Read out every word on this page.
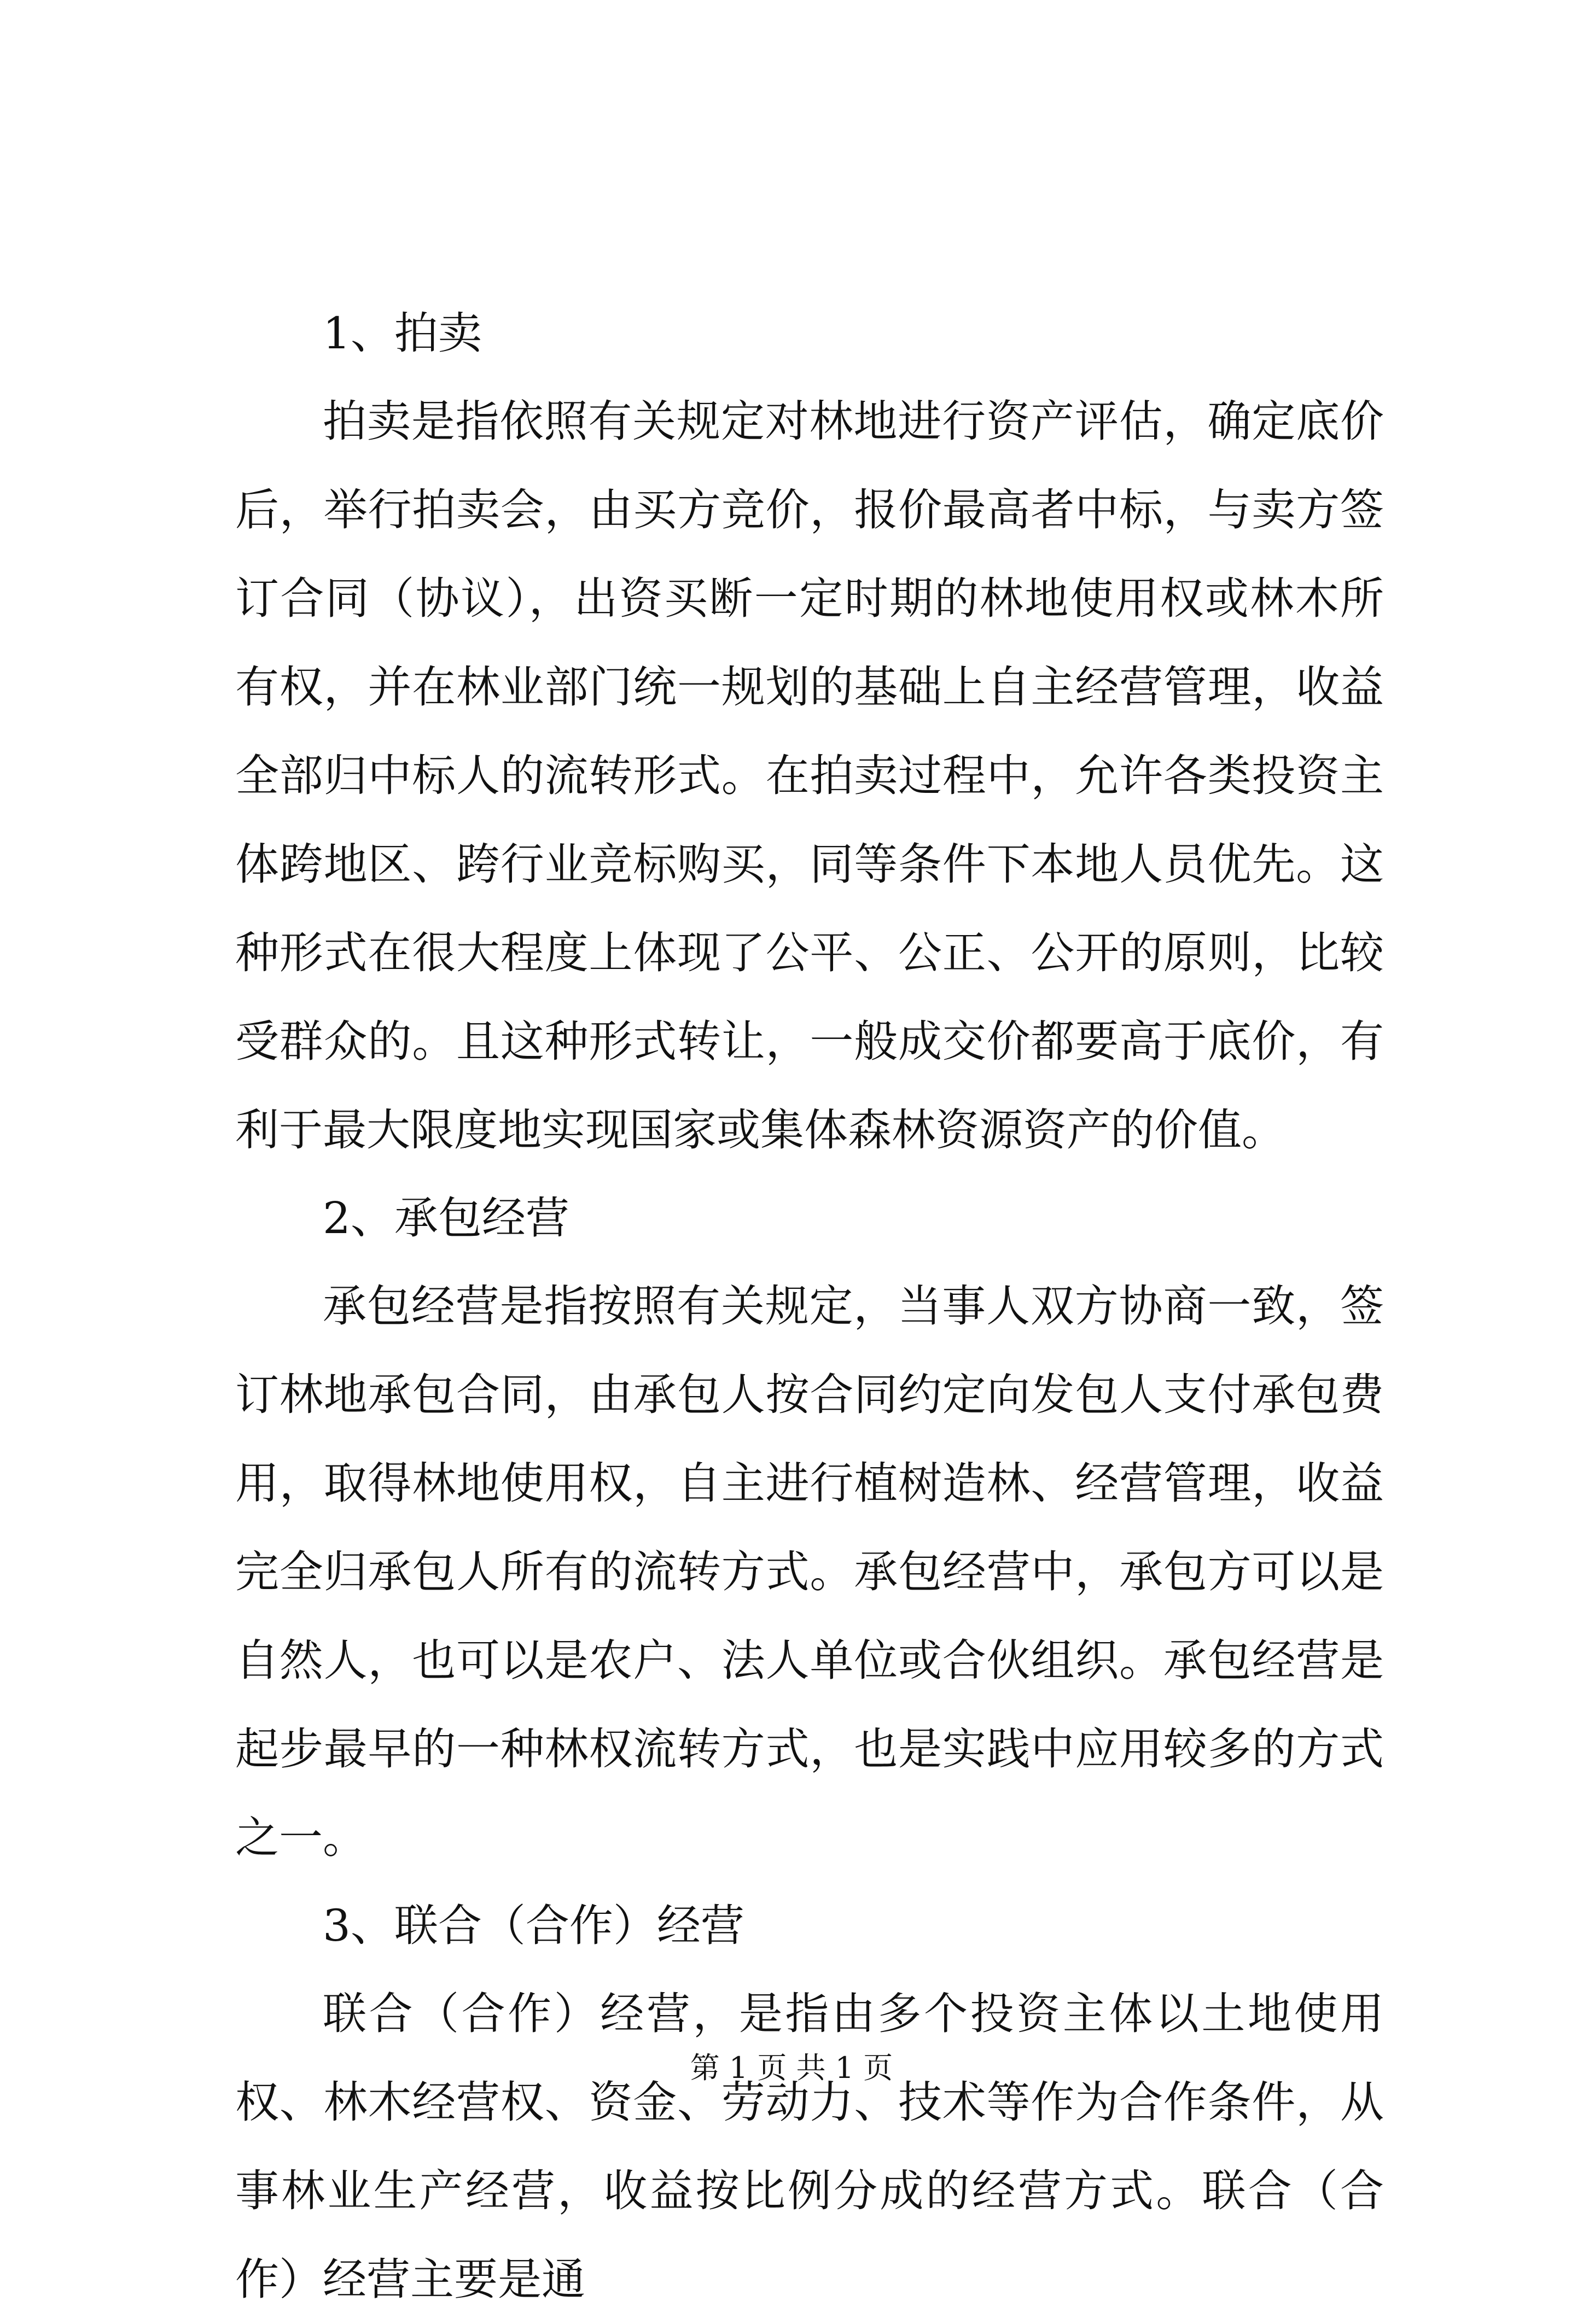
1、拍卖

拍卖是指依照有关规定对林地进行资产评估，确定底价后，举行拍卖会，由买方竞价，报价最高者中标，与卖方签订合同（协议），出资买断一定时期的林地使用权或林木所有权，并在林业部门统一规划的基础上自主经营管理，收益全部归中标人的流转形式。在拍卖过程中，允许各类投资主体跨地区、跨行业竞标购买，同等条件下本地人员优先。这种形式在很大程度上体现了公平、公正、公开的原则，比较受群众的。且这种形式转让，一般成交价都要高于底价，有利于最大限度地实现国家或集体森林资源资产的价值。

2、承包经营

承包经营是指按照有关规定，当事人双方协商一致，签订林地承包合同，由承包人按合同约定向发包人支付承包费用，取得林地使用权，自主进行植树造林、经营管理，收益完全归承包人所有的流转方式。承包经营中，承包方可以是自然人，也可以是农户、法人单位或合伙组织。承包经营是起步最早的一种林权流转方式，也是实践中应用较多的方式之一。

3、联合（合作）经营

联合（合作）经营，是指由多个投资主体以土地使用权、林木经营权、资金、劳动力、技术等作为合作条件，从事林业生产经营，收益按比例分成的经营方式。联合（合作）经营主要是通

第 1 页 共 1 页
